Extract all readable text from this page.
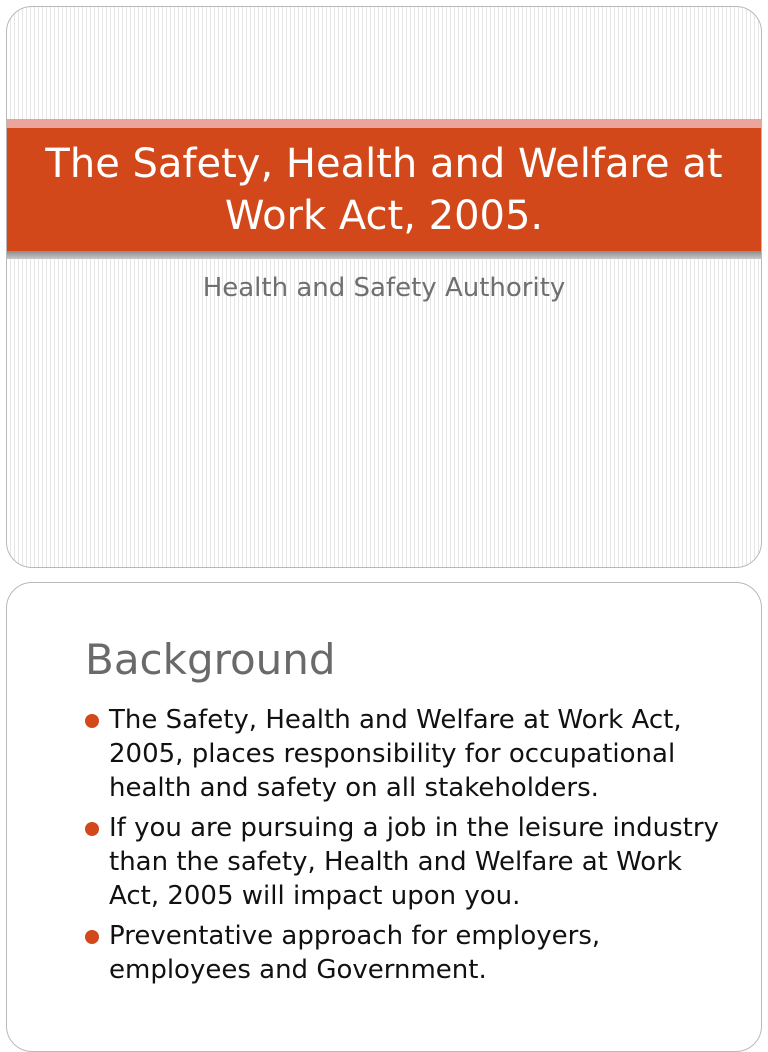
The Safety, Health and Welfare at Work Act, 2005.
Health and Safety Authority
Background
The Safety, Health and Welfare at Work Act, 2005, places responsibility for occupational health and safety on all stakeholders.
If you are pursuing a job in the leisure industry than the safety, Health and Welfare at Work Act, 2005 will impact upon you.
Preventative approach for employers, employees and Government.
